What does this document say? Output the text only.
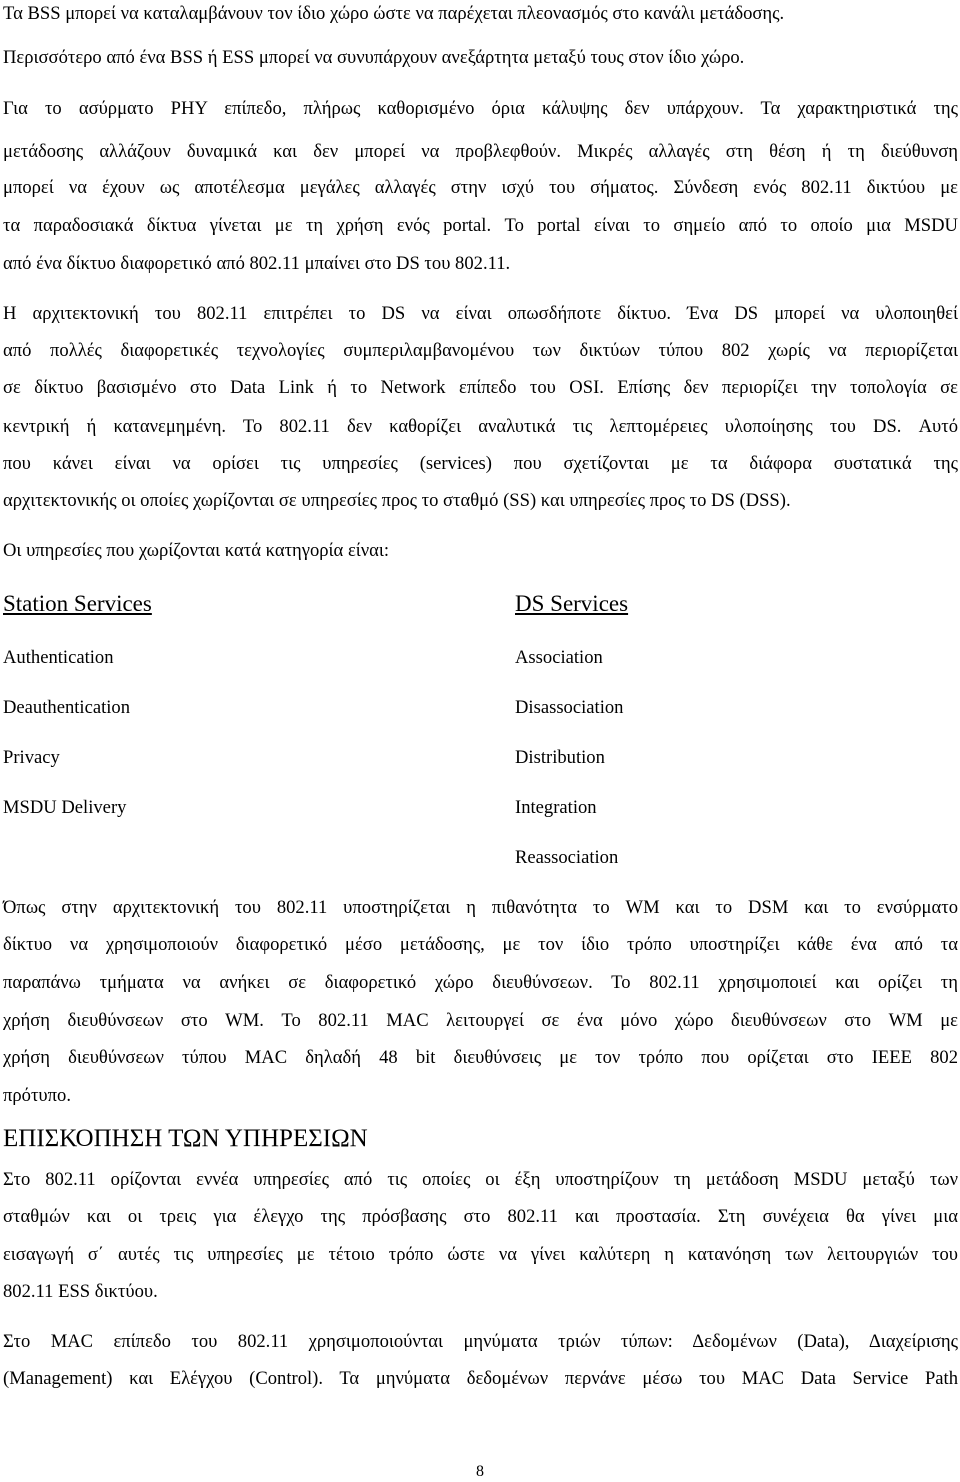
Τα BSS μπορεί να καταλαμβάνουν τον ίδιο χώρο ώστε να παρέχεται πλεονασμός στο κανάλι μετάδοσης.
Περισσότερο από ένα BSS ή ESS μπορεί να συνυπάρχουν ανεξάρτητα μεταξύ τους στον ίδιο χώρο.
Για το ασύρματο PHY επίπεδο, πλήρως καθορισμένο όρια κάλυψης δεν υπάρχουν. Τα χαρακτηριστικά της
μετάδοσης αλλάζουν δυναμικά και δεν μπορεί να προβλεφθούν. Μικρές αλλαγές στη θέση ή τη διεύθυνση
μπορεί να έχουν ως αποτέλεσμα μεγάλες αλλαγές στην ισχύ του σήματος. Σύνδεση ενός 802.11 δικτύου με
τα παραδοσιακά δίκτυα γίνεται με τη χρήση ενός portal. Το portal είναι το σημείο από το οποίο μια MSDU
από ένα δίκτυο διαφορετικό από 802.11 μπαίνει στο DS του 802.11.
Η αρχιτεκτονική του 802.11 επιτρέπει το DS να είναι οπωσδήποτε δίκτυο. Ένα DS μπορεί να υλοποιηθεί
από πολλές διαφορετικές τεχνολογίες συμπεριλαμβανομένου των δικτύων τύπου 802 χωρίς να περιορίζεται
σε δίκτυο βασισμένο στο Data Link ή το Network επίπεδο του OSI. Επίσης δεν περιορίζει την τοπολογία σε
κεντρική ή κατανεμημένη. Το 802.11 δεν καθορίζει αναλυτικά τις λεπτομέρειες υλοποίησης του DS. Αυτό
που κάνει είναι να ορίσει τις υπηρεσίες (services) που σχετίζονται με τα διάφορα συστατικά της
αρχιτεκτονικής οι οποίες χωρίζονται σε υπηρεσίες προς το σταθμό (SS) και υπηρεσίες προς το DS (DSS).
Οι υπηρεσίες που χωρίζονται κατά κατηγορία είναι:
Station Services
Authentication
Deauthentication
Privacy
MSDU Delivery
DS Services
Association
Disassociation
Distribution
Integration
Reassociation
Όπως στην αρχιτεκτονική του 802.11 υποστηρίζεται η πιθανότητα το WM και το DSM και το ενσύρματο
δίκτυο να χρησιμοποιούν διαφορετικό μέσο μετάδοσης, με τον ίδιο τρόπο υποστηρίζει κάθε ένα από τα
παραπάνω τμήματα να ανήκει σε διαφορετικό χώρο διευθύνσεων. Το 802.11 χρησιμοποιεί και ορίζει τη
χρήση διευθύνσεων στο WM. Το 802.11 MAC λειτουργεί σε ένα μόνο χώρο διευθύνσεων στο WM με
χρήση διευθύνσεων τύπου MAC δηλαδή 48 bit διευθύνσεις με τον τρόπο που ορίζεται στο IEEE 802
πρότυπο.
ΕΠΙΣΚΟΠΗΣΗ ΤΩΝ ΥΠΗΡΕΣΙΩΝ
Στο 802.11 ορίζονται εννέα υπηρεσίες από τις οποίες οι έξη υποστηρίζουν τη μετάδοση MSDU μεταξύ των
σταθμών και οι τρεις για έλεγχο της πρόσβασης στο 802.11 και προστασία. Στη συνέχεια θα γίνει μια
εισαγωγή σ΄ αυτές τις υπηρεσίες με τέτοιο τρόπο ώστε να γίνει καλύτερη η κατανόηση των λειτουργιών του
802.11 ESS δικτύου.
Στο MAC επίπεδο του 802.11 χρησιμοποιούνται μηνύματα τριών τύπων: Δεδομένων (Data), Διαχείρισης
(Management) και Ελέγχου (Control). Τα μηνύματα δεδομένων περνάνε μέσω του MAC Data Service Path
8
